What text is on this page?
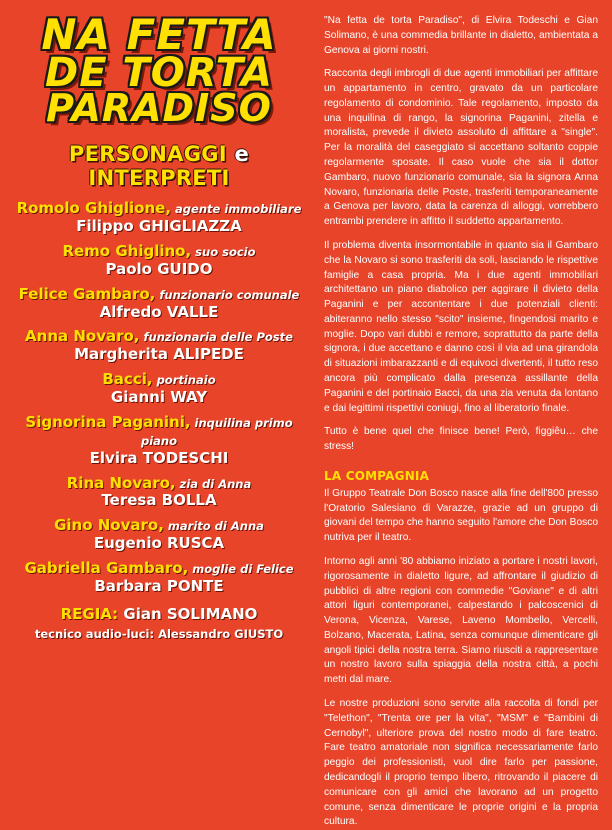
NA FETTA
DE TORTA
PARADISO
PERSONAGGI e INTERPRETI
Romolo Ghiglione, agente immobiliare
Filippo GHIGLIAZZA
Remo Ghiglino, suo socio
Paolo GUIDO
Felice Gambaro, funzionario comunale
Alfredo VALLE
Anna Novaro, funzionaria delle Poste
Margherita ALIPEDE
Bacci, portinaio
Gianni WAY
Signorina Paganini, inquilina primo piano
Elvira TODESCHI
Rina Novaro, zia di Anna
Teresa BOLLA
Gino Novaro, marito di Anna
Eugenio RUSCA
Gabriella Gambaro, moglie di Felice
Barbara PONTE
REGIA: Gian SOLIMANO
tecnico audio-luci: Alessandro GIUSTO

"Na fetta de torta Paradiso", di Elvira Todeschi e Gian Solimano, è una commedia brillante in dialetto, ambientata a Genova ai giorni nostri.

Racconta degli imbrogli di due agenti immobiliari per affittare un appartamento in centro, gravato da un particolare regolamento di condominio. Tale regolamento, imposto da una inquilina di rango, la signorina Paganini, zitella e moralista, prevede il divieto assoluto di affittare a "single". Per la moralità del caseggiato si accettano soltanto coppie regolarmente sposate. Il caso vuole che sia il dottor Gambaro, nuovo funzionario comunale, sia la signora Anna Novaro, funzionaria delle Poste, trasferiti temporaneamente a Genova per lavoro, data la carenza di alloggi, vorrebbero entrambi prendere in affitto il suddetto appartamento.

Il problema diventa insormontabile in quanto sia il Gambaro che la Novaro si sono trasferiti da soli, lasciando le rispettive famiglie a casa propria. Ma i due agenti immobiliari architettano un piano diabolico per aggirare il divieto della Paganini e per accontentare i due potenziali clienti: abiteranno nello stesso "scito" insieme, fingendosi marito e moglie. Dopo vari dubbi e remore, soprattutto da parte della signora, i due accettano e danno così il via ad una girandola di situazioni imbarazzanti e di equivoci divertenti, il tutto reso ancora più complicato dalla presenza assillante della Paganini e del portinaio Bacci, da una zia venuta da lontano e dai legittimi rispettivi coniugi, fino al liberatorio finale.

Tutto è bene quel che finisce bene! Però, figgiêu… che stress!

LA COMPAGNIA

Il Gruppo Teatrale Don Bosco nasce alla fine dell'800 presso l'Oratorio Salesiano di Varazze, grazie ad un gruppo di giovani del tempo che hanno seguito l'amore che Don Bosco nutriva per il teatro.

Intorno agli anni '80 abbiamo iniziato a portare i nostri lavori, rigorosamente in dialetto ligure, ad affrontare il giudizio di pubblici di altre regioni con commedie "Goviane" e di altri attori liguri contemporanei, calpestando i palcoscenici di Verona, Vicenza, Varese, Laveno Mombello, Vercelli, Bolzano, Macerata, Latina, senza comunque dimenticare gli angoli tipici della nostra terra. Siamo riusciti a rappresentare un nostro lavoro sulla spiaggia della nostra città, a pochi metri dal mare.

Le nostre produzioni sono servite alla raccolta di fondi per "Telethon", "Trenta ore per la vita", "MSM" e "Bambini di Cernobyl", ulteriore prova del nostro modo di fare teatro. Fare teatro amatoriale non significa necessariamente farlo peggio dei professionisti, vuol dire farlo per passione, dedicandogli il proprio tempo libero, ritrovando il piacere di comunicare con gli amici che lavorano ad un progetto comune, senza dimenticare le proprie origini e la propria cultura.
